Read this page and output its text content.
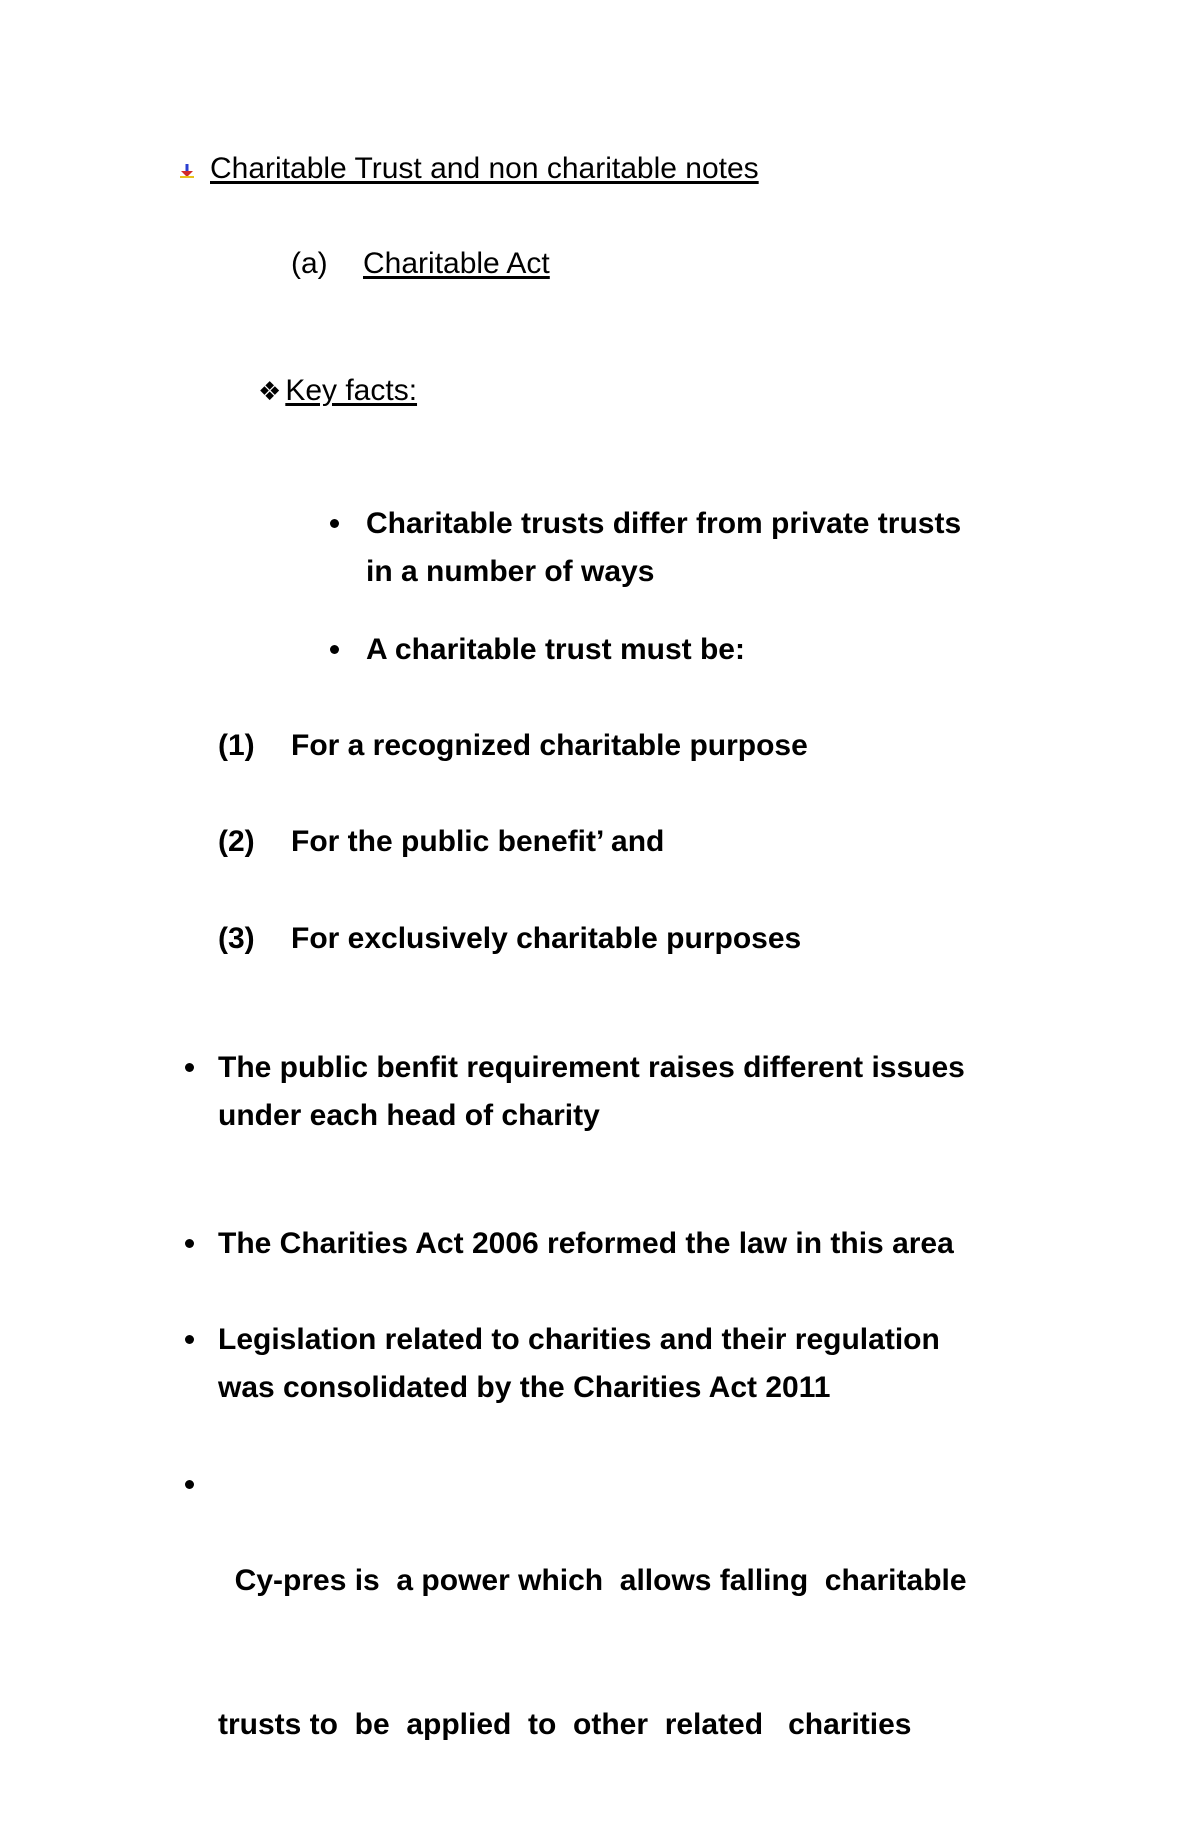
Charitable Trust and non charitable notes
(a) Charitable Act
❖ Key facts:
Charitable trusts differ from private trusts
in a number of ways
A charitable trust must be:
(1) For a recognized charitable purpose
(2) For the public benefit’ and
(3) For exclusively charitable purposes
The public benfit requirement raises different issues
under each head of charity
The Charities Act 2006 reformed the law in this area
Legislation related to charities and their regulation
was consolidated by the Charities Act 2011

Cy-pres is  a power which  allows falling  charitable

trusts to  be  applied  to  other  related   charities
